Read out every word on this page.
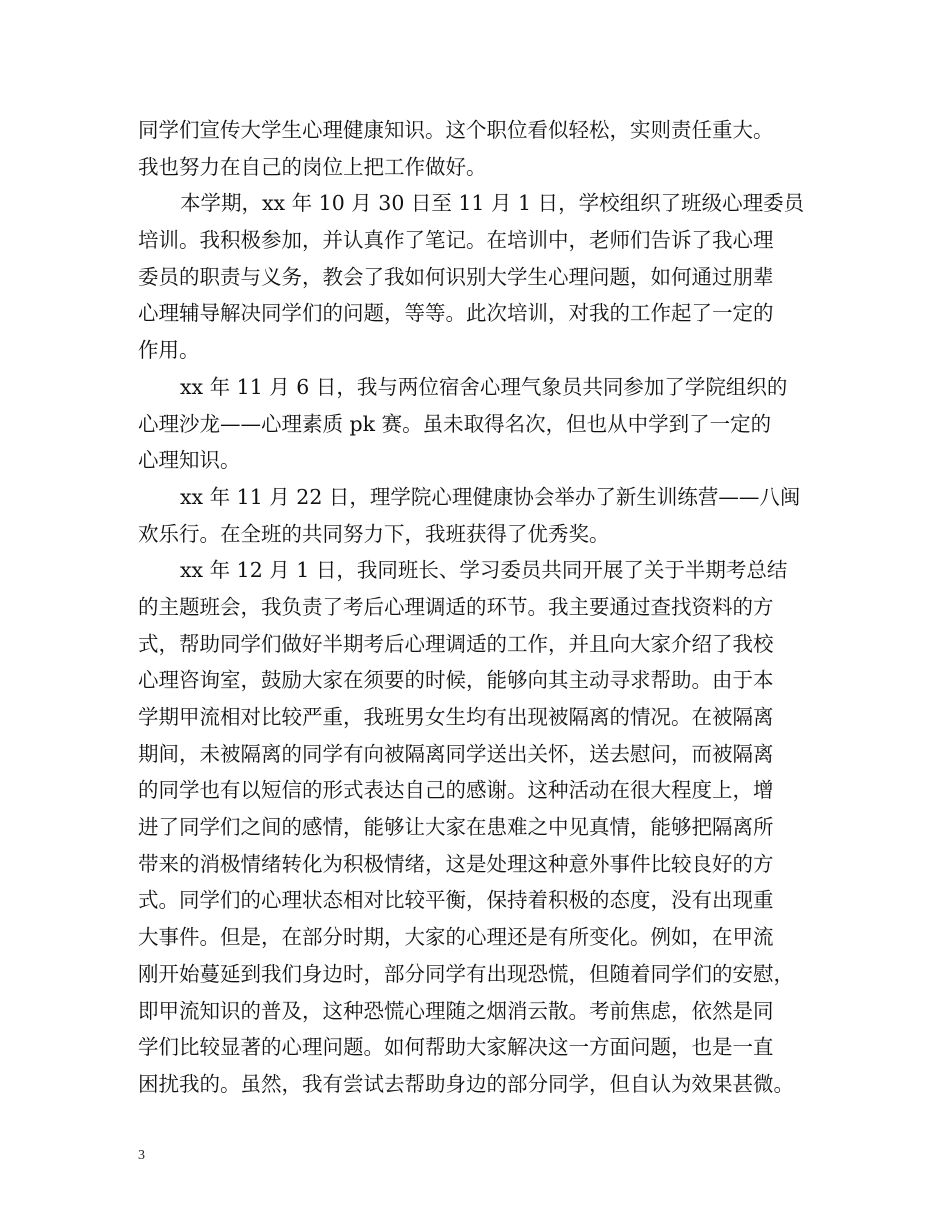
同学们宣传大学生心理健康知识。这个职位看似轻松，实则责任重大。
我也努力在自己的岗位上把工作做好。
本学期，xx 年 10 月 30 日至 11 月 1 日，学校组织了班级心理委员
培训。我积极参加，并认真作了笔记。在培训中，老师们告诉了我心理
委员的职责与义务，教会了我如何识别大学生心理问题，如何通过朋辈
心理辅导解决同学们的问题，等等。此次培训，对我的工作起了一定的
作用。
xx 年 11 月 6 日，我与两位宿舍心理气象员共同参加了学院组织的
心理沙龙——心理素质 pk 赛。虽未取得名次，但也从中学到了一定的
心理知识。
xx 年 11 月 22 日，理学院心理健康协会举办了新生训练营——八闽
欢乐行。在全班的共同努力下，我班获得了优秀奖。
xx 年 12 月 1 日，我同班长、学习委员共同开展了关于半期考总结
的主题班会，我负责了考后心理调适的环节。我主要通过查找资料的方
式，帮助同学们做好半期考后心理调适的工作，并且向大家介绍了我校
心理咨询室，鼓励大家在须要的时候，能够向其主动寻求帮助。由于本
学期甲流相对比较严重，我班男女生均有出现被隔离的情况。在被隔离
期间，未被隔离的同学有向被隔离同学送出关怀，送去慰问，而被隔离
的同学也有以短信的形式表达自己的感谢。这种活动在很大程度上，增
进了同学们之间的感情，能够让大家在患难之中见真情，能够把隔离所
带来的消极情绪转化为积极情绪，这是处理这种意外事件比较良好的方
式。同学们的心理状态相对比较平衡，保持着积极的态度，没有出现重
大事件。但是，在部分时期，大家的心理还是有所变化。例如，在甲流
刚开始蔓延到我们身边时，部分同学有出现恐慌，但随着同学们的安慰，
即甲流知识的普及，这种恐慌心理随之烟消云散。考前焦虑，依然是同
学们比较显著的心理问题。如何帮助大家解决这一方面问题，也是一直
困扰我的。虽然，我有尝试去帮助身边的部分同学，但自认为效果甚微。
3
